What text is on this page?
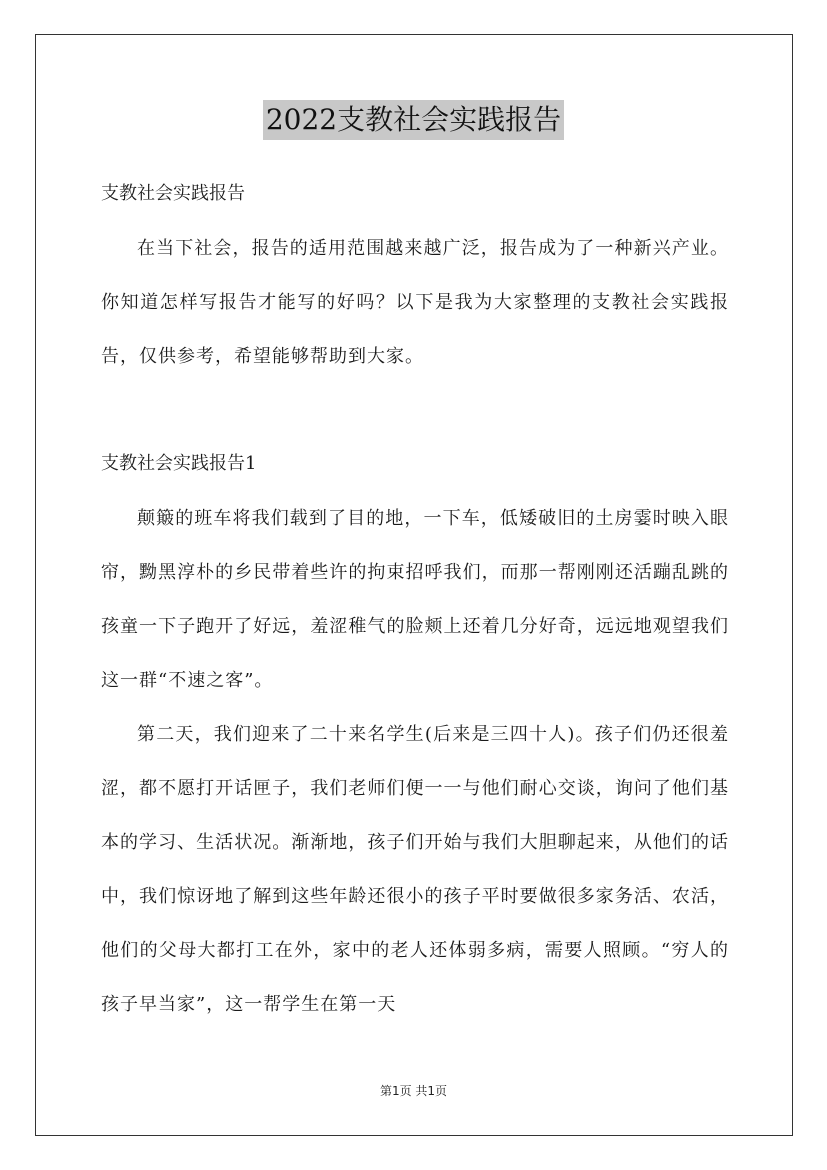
2022支教社会实践报告

支教社会实践报告

在当下社会，报告的适用范围越来越广泛，报告成为了一种新兴产业。你知道怎样写报告才能写的好吗？以下是我为大家整理的支教社会实践报告，仅供参考，希望能够帮助到大家。

支教社会实践报告1

颠簸的班车将我们载到了目的地，一下车，低矮破旧的土房霎时映入眼帘，黝黑淳朴的乡民带着些许的拘束招呼我们，而那一帮刚刚还活蹦乱跳的孩童一下子跑开了好远，羞涩稚气的脸颊上还着几分好奇，远远地观望我们这一群“不速之客”。

第二天，我们迎来了二十来名学生(后来是三四十人)。孩子们仍还很羞涩，都不愿打开话匣子，我们老师们便一一与他们耐心交谈，询问了他们基本的学习、生活状况。渐渐地，孩子们开始与我们大胆聊起来，从他们的话中，我们惊讶地了解到这些年龄还很小的孩子平时要做很多家务活、农活，他们的父母大都打工在外，家中的老人还体弱多病，需要人照顾。“穷人的孩子早当家”，这一帮学生在第一天

第1页 共1页
